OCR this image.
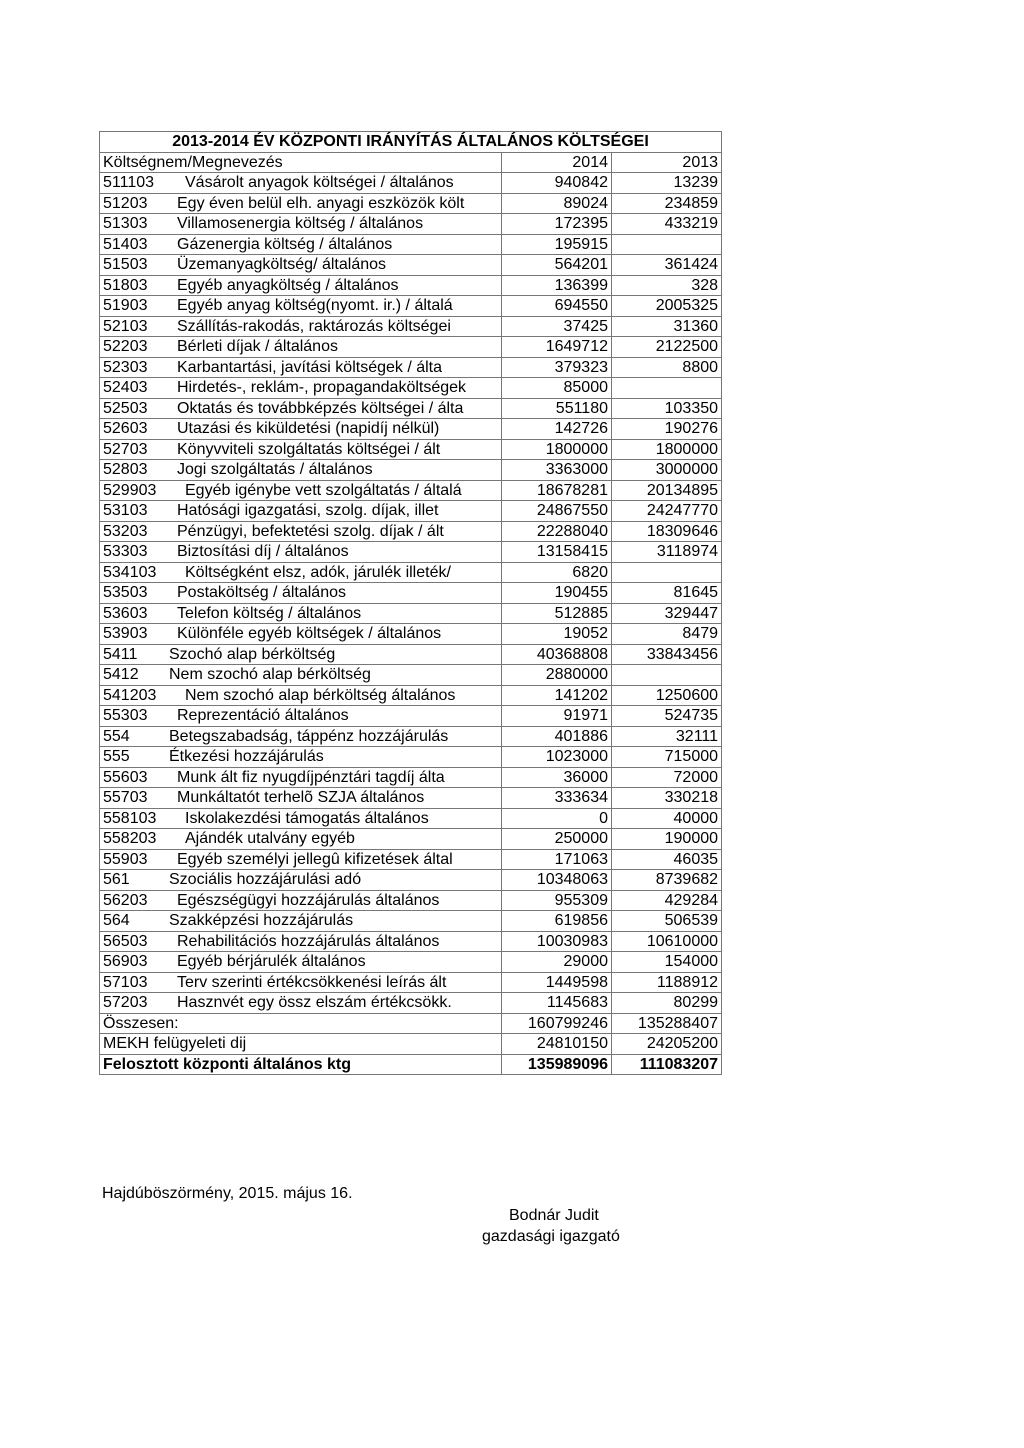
2013-2014 ÉV KÖZPONTI IRÁNYÍTÁS ÁLTALÁNOS KÖLTSÉGEI		
Költségnem/Megnevezés	2014	2013
511103 Vásárolt anyagok költségei / általános	940842	13239
51203 Egy éven belül elh. anyagi eszközök költ	89024	234859
51303 Villamosenergia költség / általános	172395	433219
51403 Gázenergia költség / általános	195915	
51503 Üzemanyagköltség/ általános	564201	361424
51803 Egyéb anyagköltség / általános	136399	328
51903 Egyéb anyag költség(nyomt. ir.) / általá	694550	2005325
52103 Szállítás-rakodás, raktározás költségei	37425	31360
52203 Bérleti díjak / általános	1649712	2122500
52303 Karbantartási, javítási költségek / álta	379323	8800
52403 Hirdetés-, reklám-, propagandaköltségek	85000	
52503 Oktatás és továbbképzés költségei / álta	551180	103350
52603 Utazási és kiküldetési (napidíj nélkül)	142726	190276
52703 Könyvviteli szolgáltatás költségei / ált	1800000	1800000
52803 Jogi szolgáltatás / általános	3363000	3000000
529903 Egyéb igénybe vett szolgáltatás / általá	18678281	20134895
53103 Hatósági igazgatási, szolg. díjak, illet	24867550	24247770
53203 Pénzügyi, befektetési szolg. díjak / ált	22288040	18309646
53303 Biztosítási díj / általános	13158415	3118974
534103 Költségként elsz, adók, járulék illeték/	6820	
53503 Postaköltség / általános	190455	81645
53603 Telefon költség / általános	512885	329447
53903 Különféle egyéb költségek / általános	19052	8479
5411 Szochó alap bérköltség	40368808	33843456
5412 Nem szochó alap bérköltség	2880000	
541203 Nem szochó alap bérköltség általános	141202	1250600
55303 Reprezentáció általános	91971	524735
554 Betegszabadság, táppénz hozzájárulás	401886	32111
555 Étkezési hozzájárulás	1023000	715000
55603 Munk ált fiz nyugdíjpénztári tagdíj álta	36000	72000
55703 Munkáltatót terhelõ SZJA általános	333634	330218
558103 Iskolakezdési támogatás általános	0	40000
558203 Ajándék utalvány egyéb	250000	190000
55903 Egyéb személyi jellegû kifizetések által	171063	46035
561 Szociális hozzájárulási adó	10348063	8739682
56203 Egészségügyi hozzájárulás általános	955309	429284
564 Szakképzési hozzájárulás	619856	506539
56503 Rehabilitációs hozzájárulás általános	10030983	10610000
56903 Egyéb bérjárulék általános	29000	154000
57103 Terv szerinti értékcsökkenési leírás ált	1449598	1188912
57203 Hasznvét egy össz elszám értékcsökk.	1145683	80299
Összesen:	160799246	135288407
MEKH felügyeleti dij	24810150	24205200
Felosztott központi általános ktg	135989096	111083207
Hajdúböszörmény, 2015. május 16.
Bodnár Judit
gazdasági igazgató
